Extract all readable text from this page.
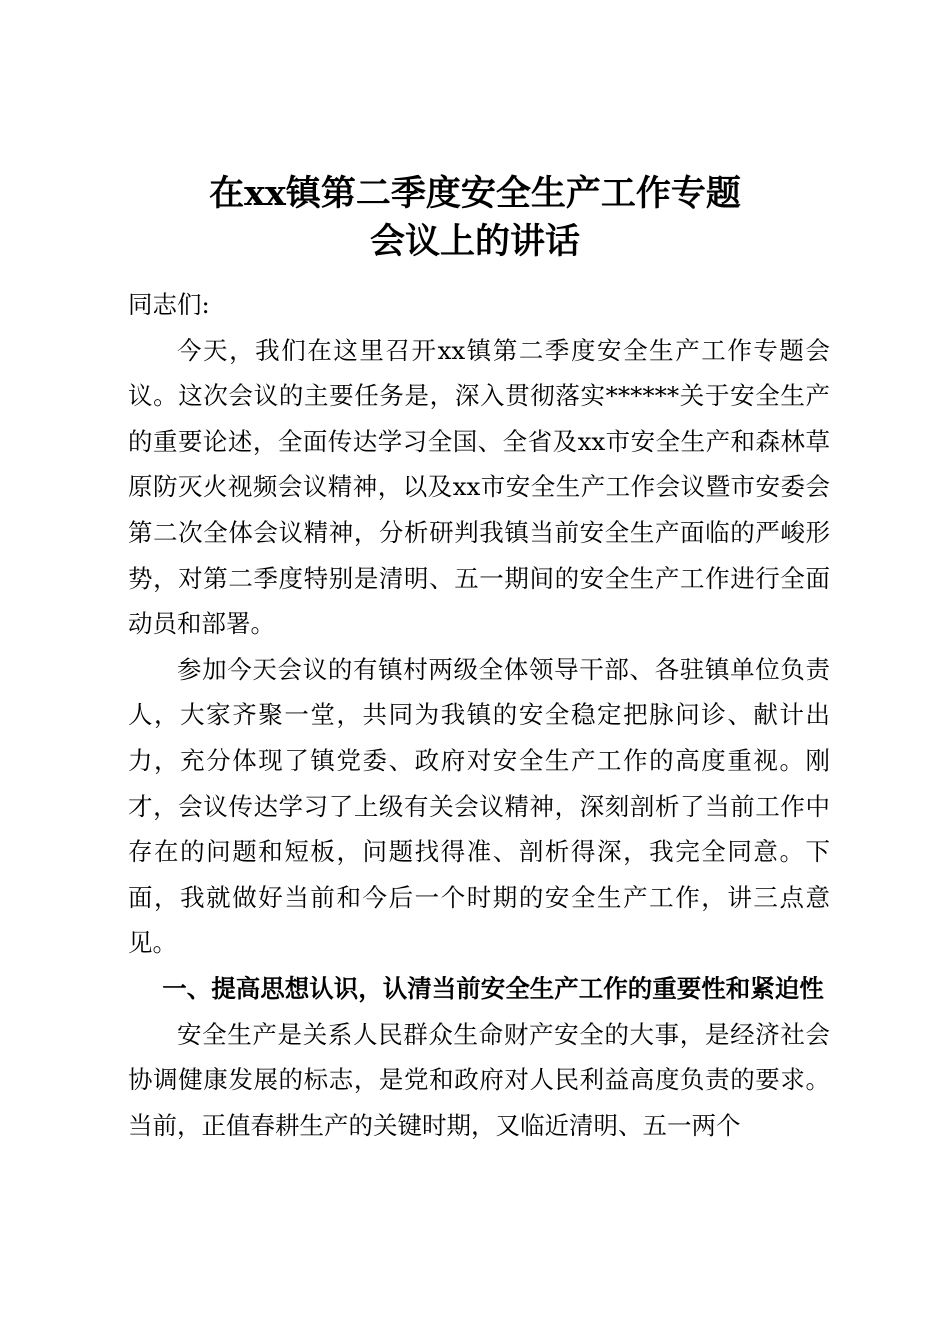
在xx镇第二季度安全生产工作专题
会议上的讲话

同志们:

今天，我们在这里召开xx镇第二季度安全生产工作专题会议。这次会议的主要任务是，深入贯彻落实******关于安全生产的重要论述，全面传达学习全国、全省及xx市安全生产和森林草原防灭火视频会议精神，以及xx市安全生产工作会议暨市安委会第二次全体会议精神，分析研判我镇当前安全生产面临的严峻形势，对第二季度特别是清明、五一期间的安全生产工作进行全面动员和部署。

参加今天会议的有镇村两级全体领导干部、各驻镇单位负责人，大家齐聚一堂，共同为我镇的安全稳定把脉问诊、献计出力，充分体现了镇党委、政府对安全生产工作的高度重视。刚才，会议传达学习了上级有关会议精神，深刻剖析了当前工作中存在的问题和短板，问题找得准、剖析得深，我完全同意。下面，我就做好当前和今后一个时期的安全生产工作，讲三点意见。

一、提高思想认识，认清当前安全生产工作的重要性和紧迫性

安全生产是关系人民群众生命财产安全的大事，是经济社会协调健康发展的标志，是党和政府对人民利益高度负责的要求。当前，正值春耕生产的关键时期，又临近清明、五一两个
